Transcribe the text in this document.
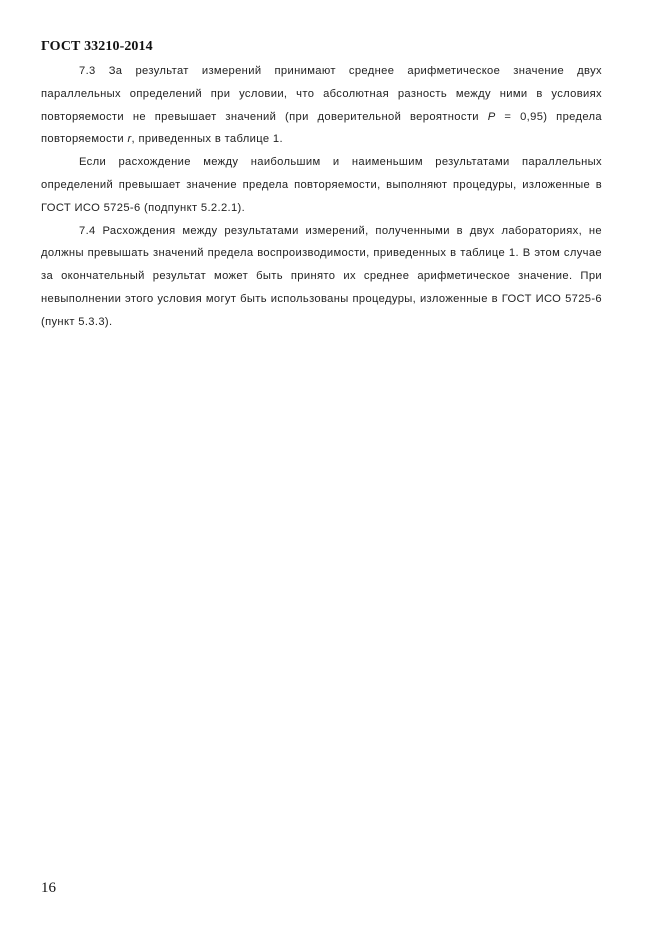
ГОСТ 33210-2014

7.3 За результат измерений принимают среднее арифметическое значение двух параллельных определений при условии, что абсолютная разность между ними в условиях повторяемости не превышает значений (при доверительной вероятности P = 0,95) предела повторяемости r, приведенных в таблице 1.

Если расхождение между наибольшим и наименьшим результатами параллельных определений превышает значение предела повторяемости, выполняют процедуры, изложенные в ГОСТ ИСО 5725-6 (подпункт 5.2.2.1).

7.4 Расхождения между результатами измерений, полученными в двух лабораториях, не должны превышать значений предела воспроизводимости, приведенных в таблице 1. В этом случае за окончательный результат может быть принято их среднее арифметическое значение. При невыполнении этого условия могут быть использованы процедуры, изложенные в ГОСТ ИСО 5725-6 (пункт 5.3.3).

16
